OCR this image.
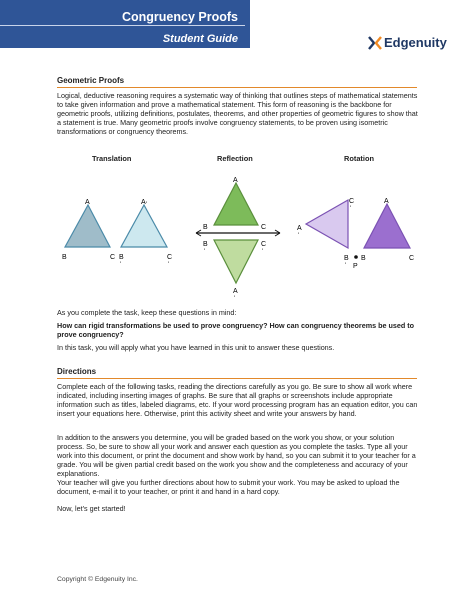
Congruency Proofs
Student Guide	Edgenuity
Geometric Proofs
Logical, deductive reasoning requires a systematic way of thinking that outlines steps of mathematical statements to take given information and prove a mathematical statement. This form of reasoning is the backbone for geometric proofs, utilizing definitions, postulates, theorems, and other properties of geometric figures to show that a statement is true. Many geometric proofs involve congruency statements, to be proven using isometric transformations or congruency theorems.
Translation	Reflection	Rotation
A
B	C
A '
B
'
C
'
A
B	C
B
'
C
'
A
'
A
'
C
'
B
' P
A
B	C
As you complete the task, keep these questions in mind:
How can rigid transformations be used to prove congruency? How can congruency theorems be used to prove congruency?
In this task, you will apply what you have learned in this unit to answer these questions.
Directions
Complete each of the following tasks, reading the directions carefully as you go. Be sure to show all work where indicated, including inserting images of graphs. Be sure that all graphs or screenshots include appropriate information such as titles, labeled diagrams, etc. If your word processing program has an equation editor, you can insert your equations here. Otherwise, print this activity sheet and write your answers by hand.
In addition to the answers you determine, you will be graded based on the work you show, or your solution process. So, be sure to show all your work and answer each question as you complete the tasks. Type all your work into this document, or print the document and show work by hand, so you can submit it to your teacher for a grade. You will be given partial credit based on the work you show and the completeness and accuracy of your explanations.
Your teacher will give you further directions about how to submit your work. You may be asked to upload the document, e-mail it to your teacher, or print it and hand in a hard copy.
Now, let’s get started!
Copyright © Edgenuity Inc.
